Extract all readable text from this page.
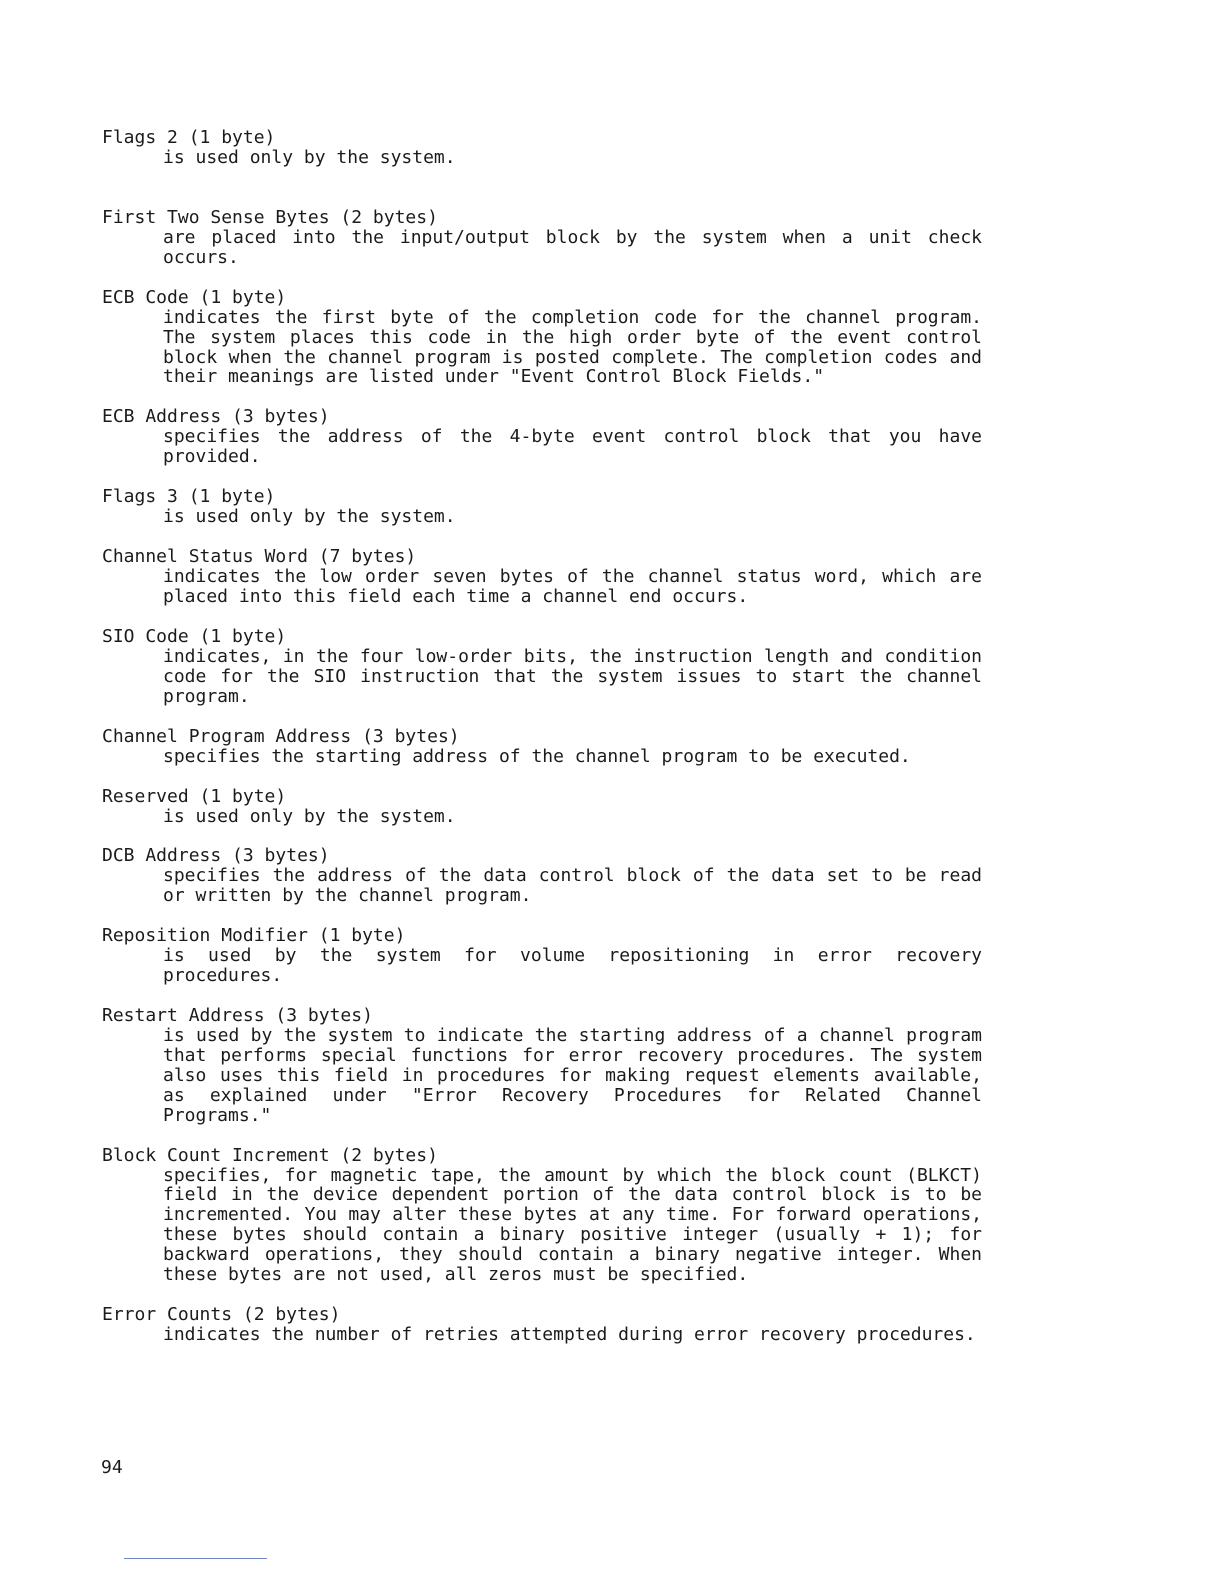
Flags 2 (1 byte)
is used only by the system.
First Two Sense Bytes (2 bytes)
are placed into the input/output block by the system when a unit check occurs.
ECB Code (1 byte)
indicates the first byte of the completion code for the channel program. The system places this code in the high order byte of the event control block when the channel program is posted complete. The completion codes and their meanings are listed under "Event Control Block Fields."
ECB Address (3 bytes)
specifies the address of the 4-byte event control block that you have provided.
Flags 3 (1 byte)
is used only by the system.
Channel Status Word (7 bytes)
indicates the low order seven bytes of the channel status word, which are placed into this field each time a channel end occurs.
SIO Code (1 byte)
indicates, in the four low-order bits, the instruction length and condition code for the SIO instruction that the system issues to start the channel program.
Channel Program Address (3 bytes)
specifies the starting address of the channel program to be executed.
Reserved (1 byte)
is used only by the system.
DCB Address (3 bytes)
specifies the address of the data control block of the data set to be read or written by the channel program.
Reposition Modifier (1 byte)
is used by the system for volume repositioning in error recovery procedures.
Restart Address (3 bytes)
is used by the system to indicate the starting address of a channel program that performs special functions for error recovery procedures. The system also uses this field in procedures for making request elements available, as explained under "Error Recovery Procedures for Related Channel Programs."
Block Count Increment (2 bytes)
specifies, for magnetic tape, the amount by which the block count (BLKCT) field in the device dependent portion of the data control block is to be incremented. You may alter these bytes at any time. For forward operations, these bytes should contain a binary positive integer (usually + 1); for backward operations, they should contain a binary negative integer. When these bytes are not used, all zeros must be specified.
Error Counts (2 bytes)
indicates the number of retries attempted during error recovery procedures.
94
